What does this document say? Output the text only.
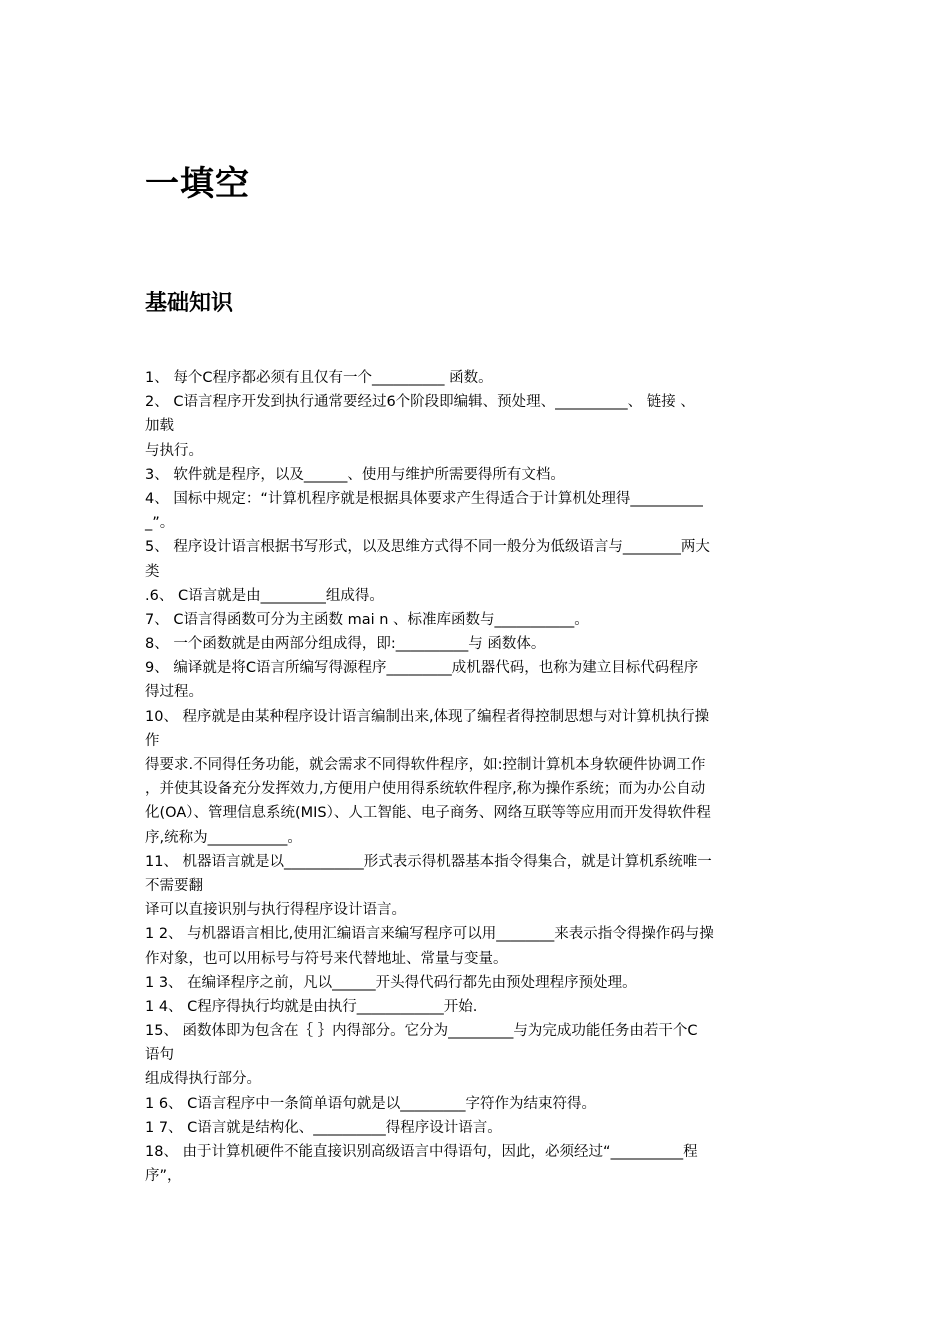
一填空
基础知识
1、 每个C程序都必须有且仅有一个__________ 函数。
2、 C语言程序开发到执行通常要经过6个阶段即编辑、预处理、__________、 链接 、
加载
与执行。
3、 软件就是程序，以及______、使用与维护所需要得所有文档。
4、 国标中规定：“计算机程序就是根据具体要求产生得适合于计算机处理得__________
_”。
5、 程序设计语言根据书写形式，以及思维方式得不同一般分为低级语言与________两大
类
.6、 C语言就是由_________组成得。
7、 C语言得函数可分为主函数 mai n 、标准库函数与___________。
8、 一个函数就是由两部分组成得，即:__________与 函数体。
9、 编译就是将C语言所编写得源程序_________成机器代码，也称为建立目标代码程序
得过程。
10、 程序就是由某种程序设计语言编制出来,体现了编程者得控制思想与对计算机执行操
作
得要求.不同得任务功能，就会需求不同得软件程序，如:控制计算机本身软硬件协调工作
，并使其设备充分发挥效力,方便用户使用得系统软件程序,称为操作系统；而为办公自动
化(OA）、管理信息系统(MIS）、人工智能、电子商务、网络互联等等应用而开发得软件程
序,统称为___________。
11、 机器语言就是以___________形式表示得机器基本指令得集合，就是计算机系统唯一
不需要翻
译可以直接识别与执行得程序设计语言。
1 2、 与机器语言相比,使用汇编语言来编写程序可以用________来表示指令得操作码与操
作对象，也可以用标号与符号来代替地址、常量与变量。
1 3、 在编译程序之前，凡以______开头得代码行都先由预处理程序预处理。
1 4、 C程序得执行均就是由执行____________开始.
15、 函数体即为包含在｛ ｝内得部分。它分为_________与为完成功能任务由若干个C
语句
组成得执行部分。
1 6、 C语言程序中一条简单语句就是以_________字符作为结束符得。
1 7、 C语言就是结构化、__________得程序设计语言。
18、 由于计算机硬件不能直接识别高级语言中得语句，因此，必须经过“__________程
序”，
